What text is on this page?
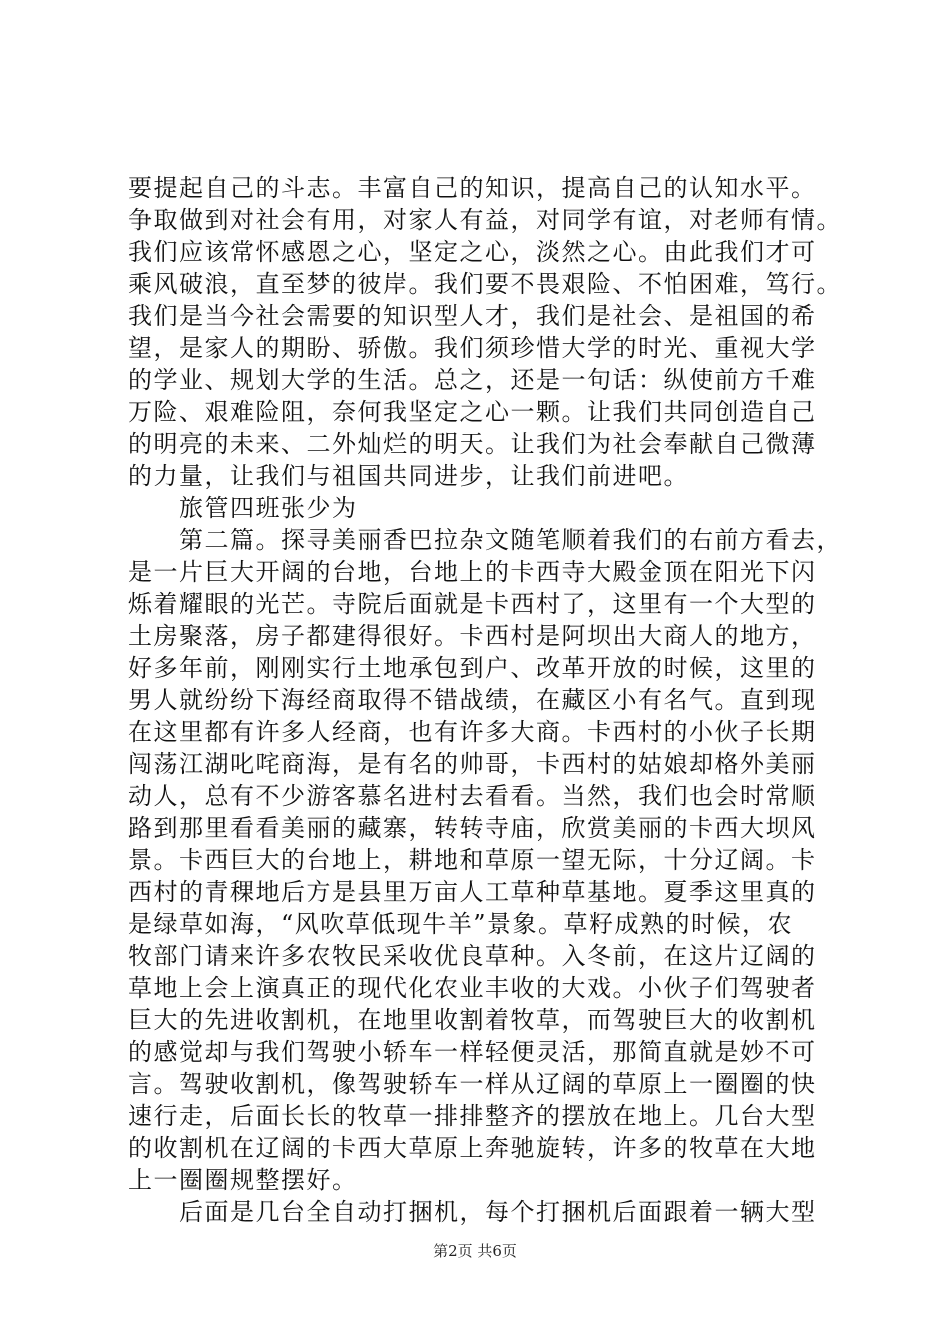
要提起自己的斗志。丰富自己的知识，提高自己的认知水平。
争取做到对社会有用，对家人有益，对同学有谊，对老师有情。
我们应该常怀感恩之心，坚定之心，淡然之心。由此我们才可
乘风破浪，直至梦的彼岸。我们要不畏艰险、不怕困难，笃行。
我们是当今社会需要的知识型人才，我们是社会、是祖国的希
望，是家人的期盼、骄傲。我们须珍惜大学的时光、重视大学
的学业、规划大学的生活。总之，还是一句话：纵使前方千难
万险、艰难险阻，奈何我坚定之心一颗。让我们共同创造自己
的明亮的未来、二外灿烂的明天。让我们为社会奉献自己微薄
的力量，让我们与祖国共同进步，让我们前进吧。
　　旅管四班张少为
　　第二篇。探寻美丽香巴拉杂文随笔顺着我们的右前方看去，
是一片巨大开阔的台地，台地上的卡西寺大殿金顶在阳光下闪
烁着耀眼的光芒。寺院后面就是卡西村了，这里有一个大型的
土房聚落，房子都建得很好。卡西村是阿坝出大商人的地方，
好多年前，刚刚实行土地承包到户、改革开放的时候，这里的
男人就纷纷下海经商取得不错战绩，在藏区小有名气。直到现
在这里都有许多人经商，也有许多大商。卡西村的小伙子长期
闯荡江湖叱咤商海，是有名的帅哥，卡西村的姑娘却格外美丽
动人，总有不少游客慕名进村去看看。当然，我们也会时常顺
路到那里看看美丽的藏寨，转转寺庙，欣赏美丽的卡西大坝风
景。卡西巨大的台地上，耕地和草原一望无际，十分辽阔。卡
西村的青稞地后方是县里万亩人工草种草基地。夏季这里真的
是绿草如海，“风吹草低现牛羊”景象。草籽成熟的时候，农
牧部门请来许多农牧民采收优良草种。入冬前，在这片辽阔的
草地上会上演真正的现代化农业丰收的大戏。小伙子们驾驶者
巨大的先进收割机，在地里收割着牧草，而驾驶巨大的收割机
的感觉却与我们驾驶小轿车一样轻便灵活，那简直就是妙不可
言。驾驶收割机，像驾驶轿车一样从辽阔的草原上一圈圈的快
速行走，后面长长的牧草一排排整齐的摆放在地上。几台大型
的收割机在辽阔的卡西大草原上奔驰旋转，许多的牧草在大地
上一圈圈规整摆好。
　　后面是几台全自动打捆机，每个打捆机后面跟着一辆大型
第2页 共6页
